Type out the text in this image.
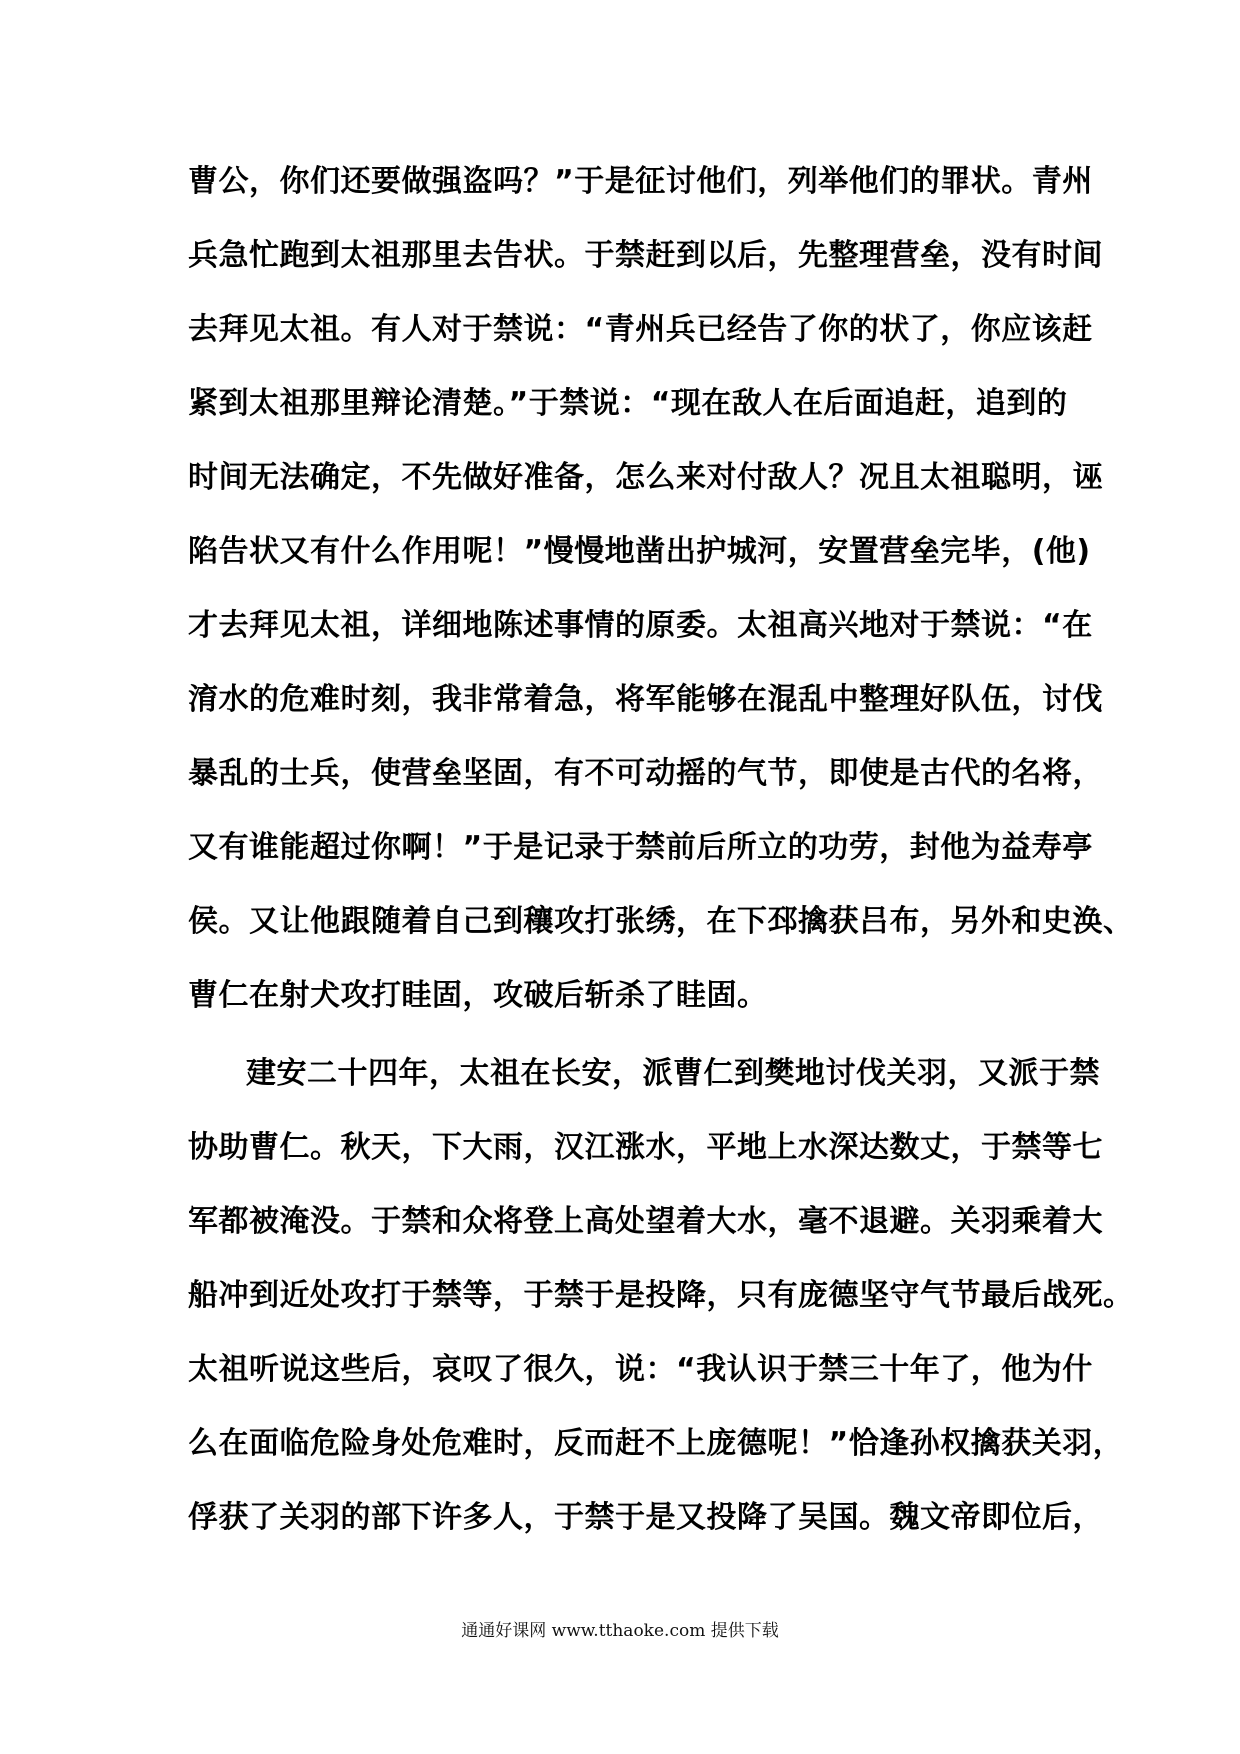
曹公，你们还要做强盗吗？”于是征讨他们，列举他们的罪状。青州
兵急忙跑到太祖那里去告状。于禁赶到以后，先整理营垒，没有时间
去拜见太祖。有人对于禁说：“青州兵已经告了你的状了，你应该赶
紧到太祖那里辩论清楚。”于禁说：“现在敌人在后面追赶，追到的
时间无法确定，不先做好准备，怎么来对付敌人？况且太祖聪明，诬
陷告状又有什么作用呢！”慢慢地凿出护城河，安置营垒完毕，(他)
才去拜见太祖，详细地陈述事情的原委。太祖高兴地对于禁说：“在
淯水的危难时刻，我非常着急，将军能够在混乱中整理好队伍，讨伐
暴乱的士兵，使营垒坚固，有不可动摇的气节，即使是古代的名将，
又有谁能超过你啊！”于是记录于禁前后所立的功劳，封他为益寿亭
侯。又让他跟随着自己到穰攻打张绣，在下邳擒获吕布，另外和史涣、
曹仁在射犬攻打眭固，攻破后斩杀了眭固。
建安二十四年，太祖在长安，派曹仁到樊地讨伐关羽，又派于禁
协助曹仁。秋天，下大雨，汉江涨水，平地上水深达数丈，于禁等七
军都被淹没。于禁和众将登上高处望着大水，毫不退避。关羽乘着大
船冲到近处攻打于禁等，于禁于是投降，只有庞德坚守气节最后战死。
太祖听说这些后，哀叹了很久，说：“我认识于禁三十年了，他为什
么在面临危险身处危难时，反而赶不上庞德呢！”恰逢孙权擒获关羽，
俘获了关羽的部下许多人，于禁于是又投降了吴国。魏文帝即位后，
通通好课网 www.tthaoke.com 提供下载
